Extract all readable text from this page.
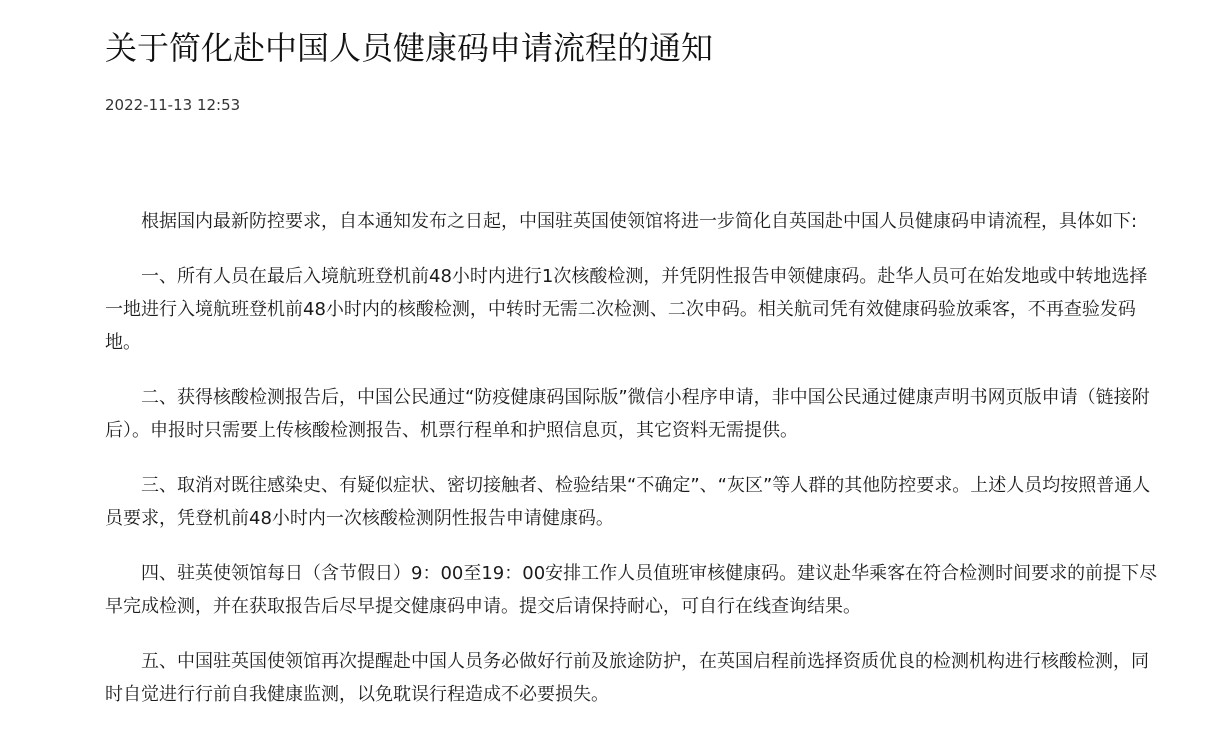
关于简化赴中国人员健康码申请流程的通知
2022-11-13 12:53

根据国内最新防控要求，自本通知发布之日起，中国驻英国使领馆将进一步简化自英国赴中国人员健康码申请流程，具体如下:

一、所有人员在最后入境航班登机前48小时内进行1次核酸检测，并凭阴性报告申领健康码。赴华人员可在始发地或中转地选择一地进行入境航班登机前48小时内的核酸检测，中转时无需二次检测、二次申码。相关航司凭有效健康码验放乘客，不再查验发码地。

二、获得核酸检测报告后，中国公民通过“防疫健康码国际版”微信小程序申请，非中国公民通过健康声明书网页版申请（链接附后）。申报时只需要上传核酸检测报告、机票行程单和护照信息页，其它资料无需提供。

三、取消对既往感染史、有疑似症状、密切接触者、检验结果“不确定”、“灰区”等人群的其他防控要求。上述人员均按照普通人员要求，凭登机前48小时内一次核酸检测阴性报告申请健康码。

四、驻英使领馆每日（含节假日）9：00至19：00安排工作人员值班审核健康码。建议赴华乘客在符合检测时间要求的前提下尽早完成检测，并在获取报告后尽早提交健康码申请。提交后请保持耐心，可自行在线查询结果。

五、中国驻英国使领馆再次提醒赴中国人员务必做好行前及旅途防护，在英国启程前选择资质优良的检测机构进行核酸检测，同时自觉进行行前自我健康监测，以免耽误行程造成不必要损失。
